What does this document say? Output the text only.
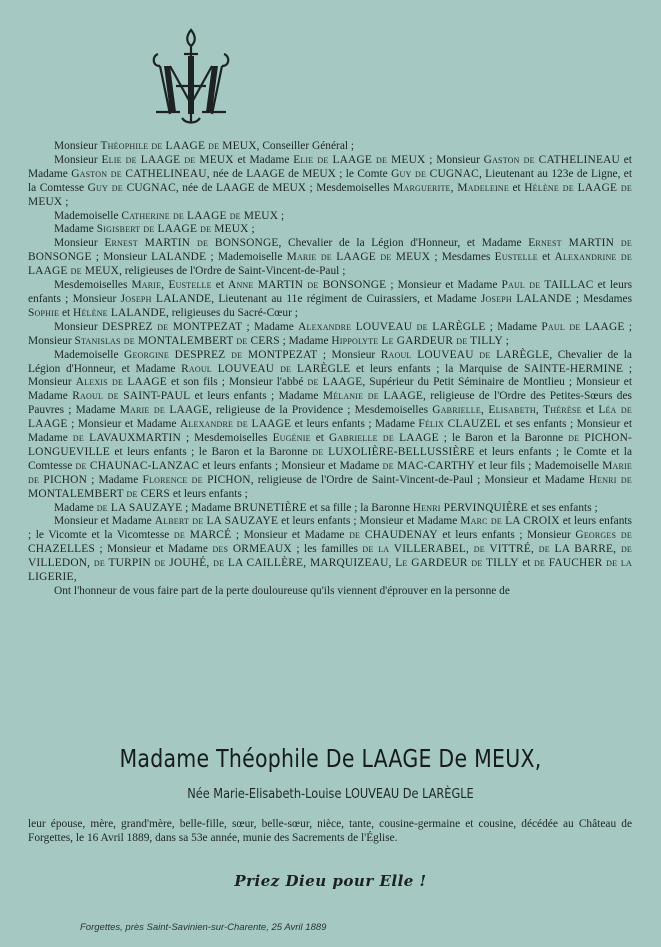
Monsieur Théophile de LAAGE de MEUX, Conseiller Général ;

Monsieur Elie de LAAGE de MEUX et Madame Elie de LAAGE de MEUX ; Monsieur Gaston de CATHELINEAU et Madame Gaston de CATHELINEAU, née de LAAGE de MEUX ; le Comte Guy de CUGNAC, Lieutenant au 123e de Ligne, et la Comtesse Guy de CUGNAC, née de LAAGE de MEUX ; Mesdemoiselles Marguerite, Madeleine et Hélène de LAAGE de MEUX ;

Mademoiselle Catherine de LAAGE de MEUX ;

Madame Sigisbert de LAAGE de MEUX ;

Monsieur Ernest MARTIN de BONSONGE, Chevalier de la Légion d'Honneur, et Madame Ernest MARTIN de BONSONGE ; Monsieur LALANDE ; Mademoiselle Marie de LAAGE de MEUX ; Mesdames Eustelle et Alexandrine de LAAGE de MEUX, religieuses de l'Ordre de Saint-Vincent-de-Paul ;

Mesdemoiselles Marie, Eustelle et Anne MARTIN de BONSONGE ; Monsieur et Madame Paul de TAILLAC et leurs enfants ; Monsieur Joseph LALANDE, Lieutenant au 11e régiment de Cuirassiers, et Madame Joseph LALANDE ; Mesdames Sophie et Hélène LALANDE, religieuses du Sacré-Cœur ;

Monsieur DESPREZ de MONTPEZAT ; Madame Alexandre LOUVEAU de LARÈGLE ; Madame Paul de LAAGE ; Monsieur Stanislas de MONTALEMBERT de CERS ; Madame Hippolyte Le GARDEUR de TILLY ;

Mademoiselle Georgine DESPREZ de MONTPEZAT ; Monsieur Raoul LOUVEAU de LARÈGLE, Chevalier de la Légion d'Honneur, et Madame Raoul LOUVEAU de LARÈGLE et leurs enfants ; la Marquise de SAINTE-HERMINE ; Monsieur Alexis de LAAGE et son fils ; Monsieur l'abbé de LAAGE, Supérieur du Petit Séminaire de Montlieu ; Monsieur et Madame Raoul de SAINT-PAUL et leurs enfants ; Madame Mélanie de LAAGE, religieuse de l'Ordre des Petites-Sœurs des Pauvres ; Madame Marie de LAAGE, religieuse de la Providence ; Mesdemoiselles Gabrielle, Elisabeth, Thérèse et Léa de LAAGE ; Monsieur et Madame Alexandre de LAAGE et leurs enfants ; Madame Félix CLAUZEL et ses enfants ; Monsieur et Madame de LAVAUXMARTIN ; Mesdemoiselles Eugénie et Gabrielle de LAAGE ; le Baron et la Baronne de PICHON-LONGUEVILLE et leurs enfants ; le Baron et la Baronne de LUXOLIÈRE-BELLUSSIÈRE et leurs enfants ; le Comte et la Comtesse de CHAUNAC-LANZAC et leurs enfants ; Monsieur et Madame de MAC-CARTHY et leur fils ; Mademoiselle Marie de PICHON ; Madame Florence de PICHON, religieuse de l'Ordre de Saint-Vincent-de-Paul ; Monsieur et Madame Henri de MONTALEMBERT de CERS et leurs enfants ;

Madame de LA SAUZAYE ; Madame BRUNETIÈRE et sa fille ; la Baronne Henri PERVINQUIÈRE et ses enfants ;

Monsieur et Madame Albert de LA SAUZAYE et leurs enfants ; Monsieur et Madame Marc de LA CROIX et leurs enfants ; le Vicomte et la Vicomtesse de MARCÉ ; Monsieur et Madame de CHAUDENAY et leurs enfants ; Monsieur Georges de CHAZELLES ; Monsieur et Madame des ORMEAUX ; les familles de la VILLERABEL, de VITTRÉ, de LA BARRE, de VILLEDON, de TURPIN de JOUHÉ, de LA CAILLÈRE, MARQUIZEAU, Le GARDEUR de TILLY et de FAUCHER de la LIGERIE,

Ont l'honneur de vous faire part de la perte douloureuse qu'ils viennent d'éprouver en la personne de

Madame Théophile De LAAGE De MEUX,
Née Marie-Elisabeth-Louise LOUVEAU De LARÈGLE
leur épouse, mère, grand'mère, belle-fille, sœur, belle-sœur, nièce, tante, cousine-germaine et cousine, décédée au Château de Forgettes, le 16 Avril 1889, dans sa 53e année, munie des Sacrements de l'Église.
Priez Dieu pour Elle !
Forgettes, près Saint-Savinien-sur-Charente, 25 Avril 1889
